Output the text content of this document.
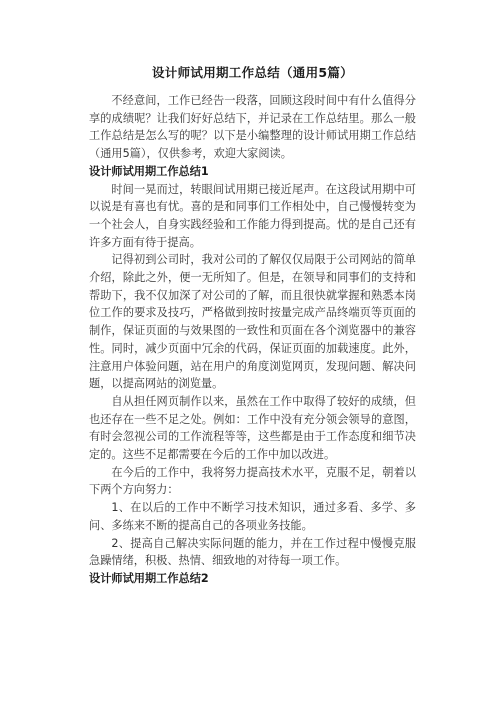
设计师试用期工作总结（通用5篇）

不经意间，工作已经告一段落，回顾这段时间中有什么值得分享的成绩呢？让我们好好总结下，并记录在工作总结里。那么一般工作总结是怎么写的呢？以下是小编整理的设计师试用期工作总结（通用5篇），仅供参考，欢迎大家阅读。

设计师试用期工作总结1

时间一晃而过，转眼间试用期已接近尾声。在这段试用期中可以说是有喜也有忧。喜的是和同事们工作相处中，自己慢慢转变为一个社会人，自身实践经验和工作能力得到提高。忧的是自己还有许多方面有待于提高。

记得初到公司时，我对公司的了解仅仅局限于公司网站的简单介绍，除此之外，便一无所知了。但是，在领导和同事们的支持和帮助下，我不仅加深了对公司的了解，而且很快就掌握和熟悉本岗位工作的要求及技巧，严格做到按时按量完成产品终端页等页面的制作，保证页面的与效果图的一致性和页面在各个浏览器中的兼容性。同时，减少页面中冗余的代码，保证页面的加载速度。此外，注意用户体验问题，站在用户的角度浏览网页，发现问题、解决问题，以提高网站的浏览量。

自从担任网页制作以来，虽然在工作中取得了较好的成绩，但也还存在一些不足之处。例如：工作中没有充分领会领导的意图，有时会忽视公司的工作流程等等，这些都是由于工作态度和细节决定的。这些不足都需要在今后的工作中加以改进。

在今后的工作中，我将努力提高技术水平，克服不足，朝着以下两个方向努力：

1、在以后的工作中不断学习技术知识，通过多看、多学、多问、多练来不断的提高自己的各项业务技能。

2、提高自己解决实际问题的能力，并在工作过程中慢慢克服急躁情绪，积极、热情、细致地的对待每一项工作。

设计师试用期工作总结2
